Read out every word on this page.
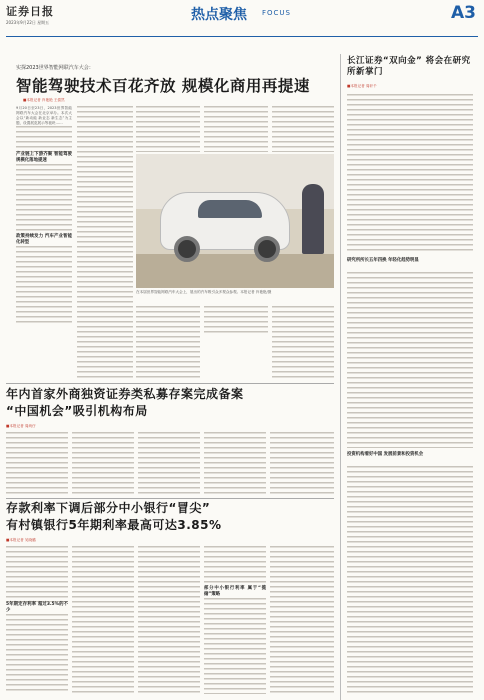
证券日报
2023年9月22日 星期五	热点聚焦 FOCUS	A3
实探2023世界智能网联汽车大会：
智能驾驶技术百花齐放 规模化商用再提速
■本报记者 肖艳艳 王僖然
9月20日至23日，2023世界智能网联汽车大会在北京举办。本次大会以“新动能 新业态 新生态”为主题，设置展览展示等板块……
产业链上下游齐聚 智能驾驶规模化落地提速
政策持续发力 汽车产业智能化转型
在本届世界智能网联汽车大会上，展出的汽车吸引众多观众参观。本报记者 肖艳艳/摄
长江证券“双向金” 将会在研究所新掌门
■本报记者 周轩千
研究所所长五年四换 年轻化趋势明显
投资机构看好中国 发展前景和投资机会
年内首家外商独资证券类私募存案完成备案
“中国机会”吸引机构布局
■本报记者 周尚仔
存款利率下调后部分中小银行“冒尖”
有村镇银行5年期利率最高可达3.85%
■本报记者 吴晓璐
5年期定存利率 超过3.5%的不少
部分中小银行利率 属于“揽储”策略
